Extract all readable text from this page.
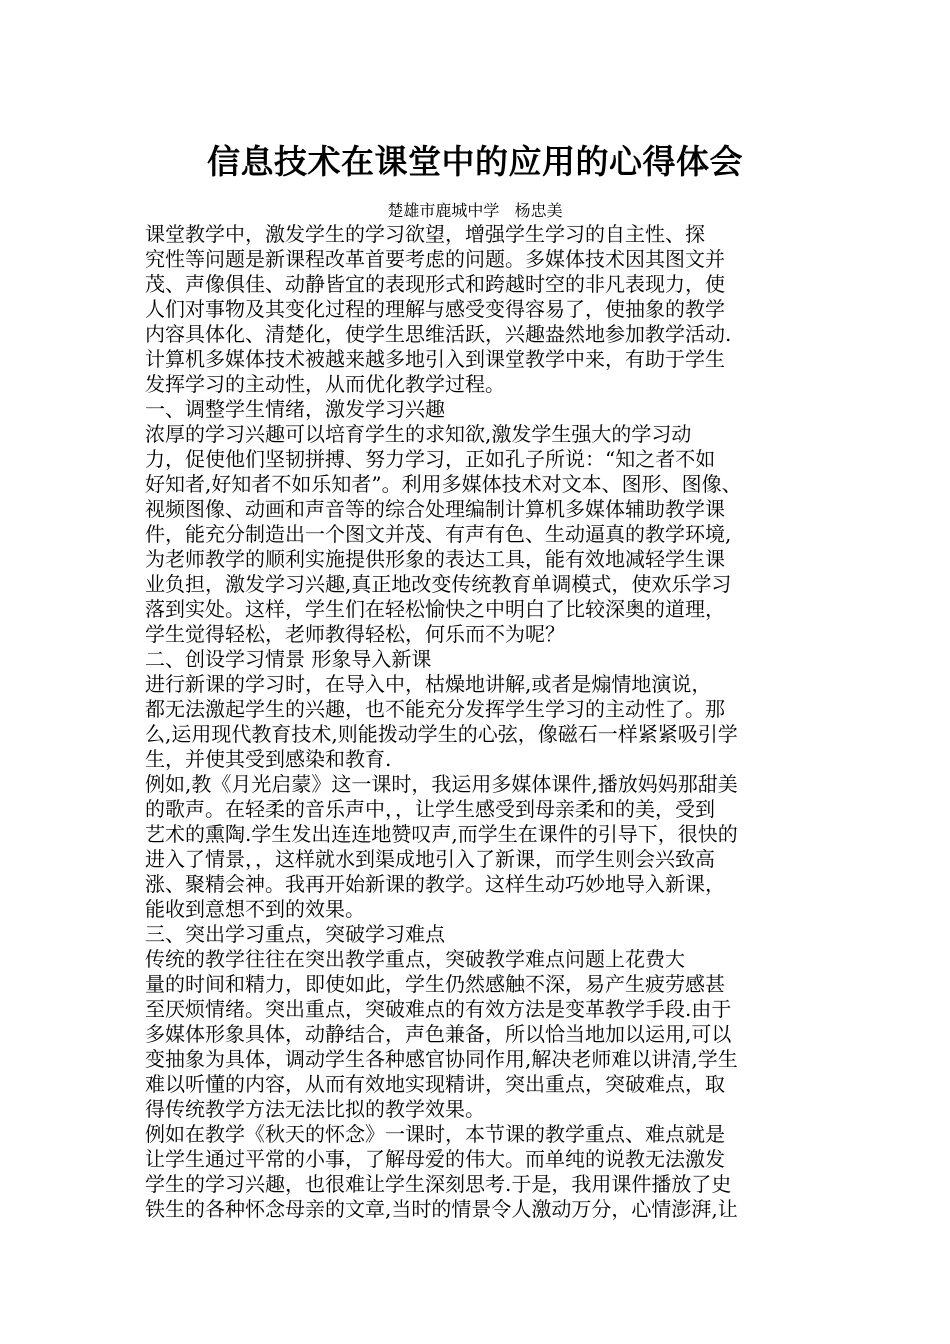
信息技术在课堂中的应用的心得体会
楚雄市鹿城中学   杨忠美
课堂教学中，激发学生的学习欲望，增强学生学习的自主性、探
究性等问题是新课程改革首要考虑的问题。多媒体技术因其图文并
茂、声像俱佳、动静皆宜的表现形式和跨越时空的非凡表现力，使
人们对事物及其变化过程的理解与感受变得容易了，使抽象的教学
内容具体化、清楚化，使学生思维活跃，兴趣盎然地参加教学活动.
计算机多媒体技术被越来越多地引入到课堂教学中来，有助于学生
发挥学习的主动性，从而优化教学过程。
一、调整学生情绪，激发学习兴趣
浓厚的学习兴趣可以培育学生的求知欲,激发学生强大的学习动
力，促使他们坚韧拼搏、努力学习，正如孔子所说：“知之者不如
好知者,好知者不如乐知者”。利用多媒体技术对文本、图形、图像、
视频图像、动画和声音等的综合处理编制计算机多媒体辅助教学课
件，能充分制造出一个图文并茂、有声有色、生动逼真的教学环境,
为老师教学的顺利实施提供形象的表达工具，能有效地减轻学生课
业负担，激发学习兴趣,真正地改变传统教育单调模式，使欢乐学习
落到实处。这样，学生们在轻松愉快之中明白了比较深奥的道理，
学生觉得轻松，老师教得轻松，何乐而不为呢？
二、创设学习情景 形象导入新课
进行新课的学习时，在导入中，枯燥地讲解,或者是煽情地演说，
都无法激起学生的兴趣，也不能充分发挥学生学习的主动性了。那
么,运用现代教育技术,则能拨动学生的心弦，像磁石一样紧紧吸引学
生，并使其受到感染和教育.
例如,教《月光启蒙》这一课时，我运用多媒体课件,播放妈妈那甜美
的歌声。在轻柔的音乐声中，，让学生感受到母亲柔和的美，受到
艺术的熏陶.学生发出连连地赞叹声,而学生在课件的引导下，很快的
进入了情景，，这样就水到渠成地引入了新课，而学生则会兴致高
涨、聚精会神。我再开始新课的教学。这样生动巧妙地导入新课，
能收到意想不到的效果。
三、突出学习重点，突破学习难点
传统的教学往往在突出教学重点，突破教学难点问题上花费大
量的时间和精力，即使如此，学生仍然感触不深，易产生疲劳感甚
至厌烦情绪。突出重点，突破难点的有效方法是变革教学手段.由于
多媒体形象具体，动静结合，声色兼备，所以恰当地加以运用,可以
变抽象为具体，调动学生各种感官协同作用,解决老师难以讲清,学生
难以听懂的内容，从而有效地实现精讲，突出重点，突破难点，取
得传统教学方法无法比拟的教学效果。
例如在教学《秋天的怀念》一课时，本节课的教学重点、难点就是
让学生通过平常的小事，了解母爱的伟大。而单纯的说教无法激发
学生的学习兴趣，也很难让学生深刻思考.于是，我用课件播放了史
铁生的各种怀念母亲的文章,当时的情景令人激动万分，心情澎湃,让
